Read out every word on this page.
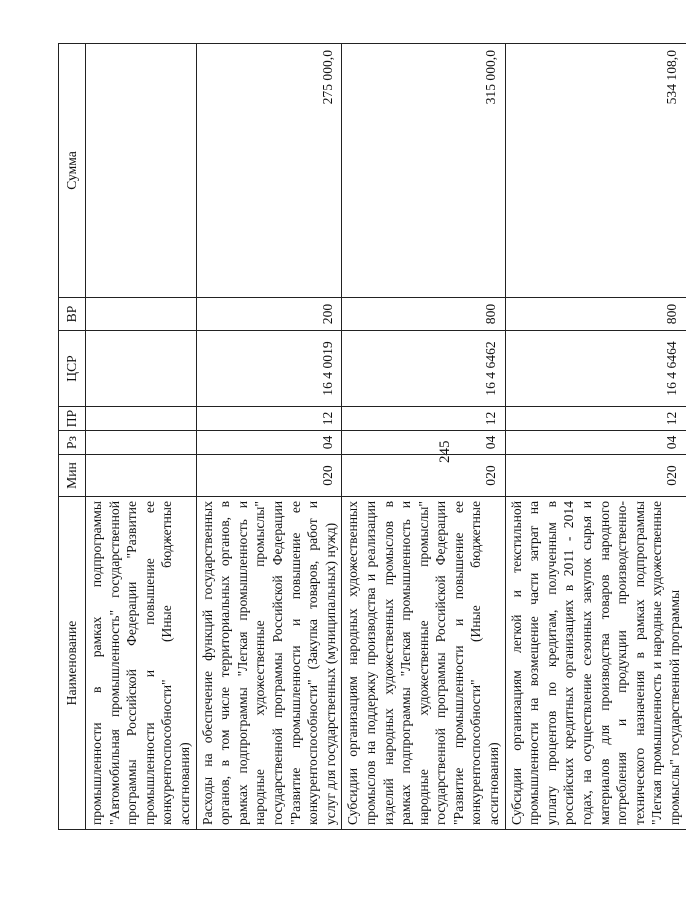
245
Наименование	Мин	Рз	ПР	ЦСР	ВР	Сумма
промышленности в рамках подпрограммы "Автомобильная промышленность" государственной программы Российской Федерации "Развитие промышленности и повышение ее конкурентоспособности" (Иные бюджетные ассигнования)						
Расходы на обеспечение функций государственных органов, в том числе территориальных органов, в рамках подпрограммы "Легкая промышленность и народные художественные промыслы" государственной программы Российской Федерации "Развитие промышленности и повышение ее конкурентоспособности" (Закупка товаров, работ и услуг для государственных (муниципальных) нужд)	020	04	12	16 4 0019	200	275 000,0
Субсидии организациям народных художественных промыслов на поддержку производства и реализации изделий народных художественных промыслов в рамках подпрограммы "Легкая промышленность и народные художественные промыслы" государственной программы Российской Федерации "Развитие промышленности и повышение ее конкурентоспособности" (Иные бюджетные ассигнования)	020	04	12	16 4 6462	800	315 000,0
Субсидии организациям легкой и текстильной промышленности на возмещение части затрат на уплату процентов по кредитам, полученным в российских кредитных организациях в 2011 - 2014 годах, на осуществление сезонных закупок сырья и материалов для производства товаров народного потребления и продукции производственно-технического назначения в рамках подпрограммы "Легкая промышленность и народные художественные промыслы" государственной программы	020	04	12	16 4 6464	800	534 108,0
